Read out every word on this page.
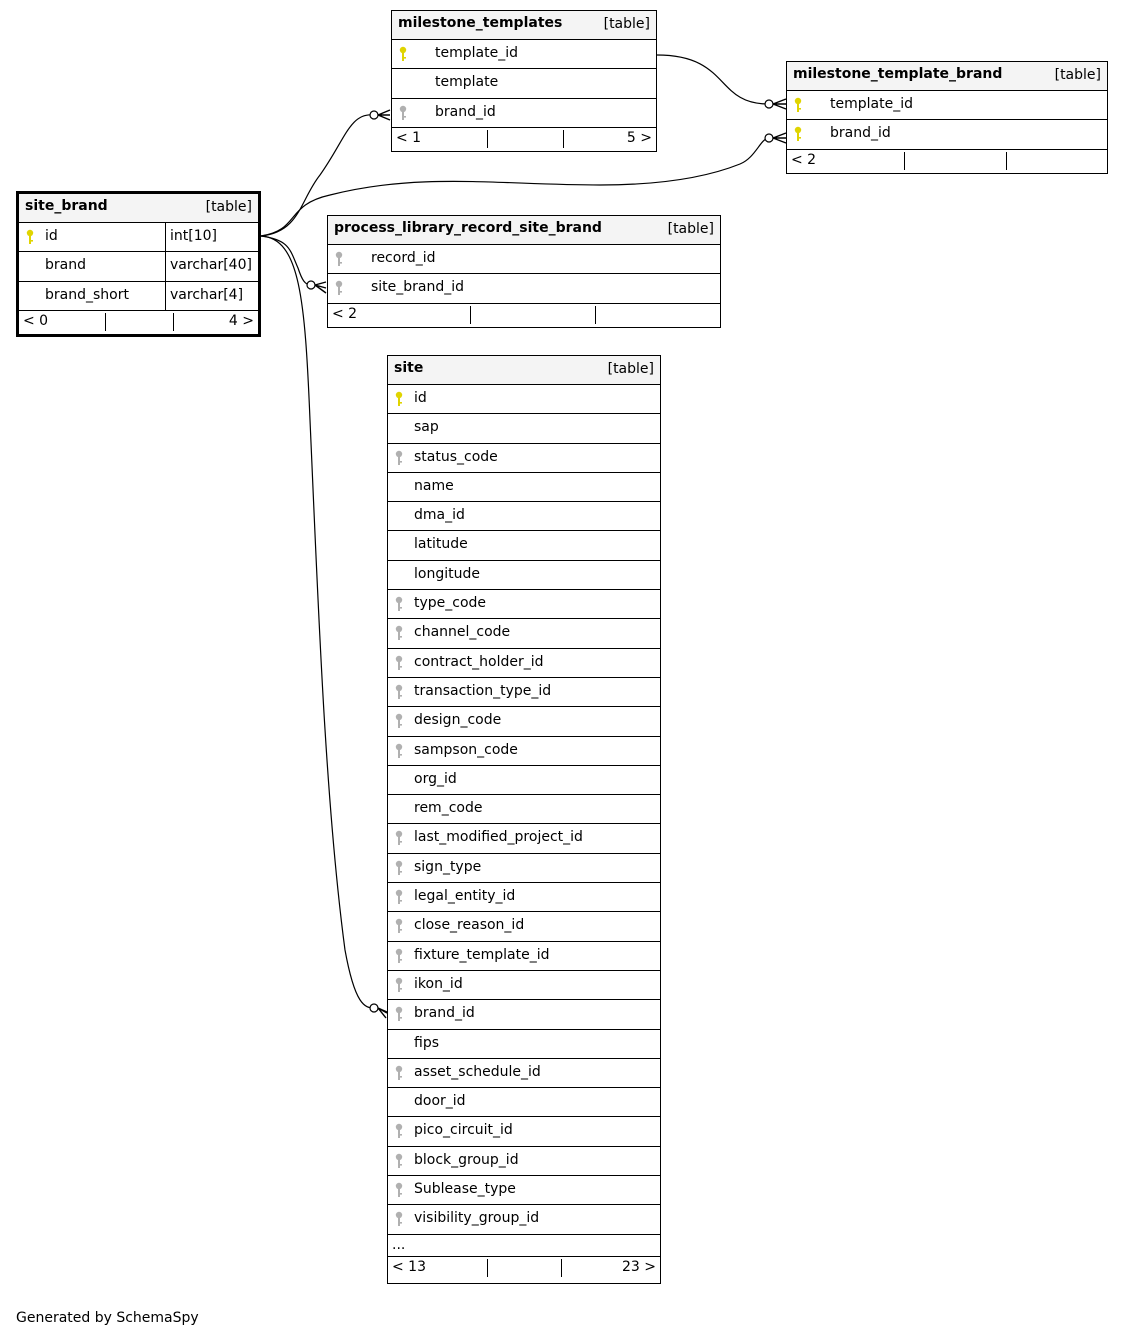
milestone_templates	[table]
template_id
template
brand_id
< 1	5 >
milestone_template_brand	[table]
template_id
brand_id
< 2
site_brand	[table]
id	int[10]
brand	varchar[40]
brand_short	varchar[4]
< 0	4 >
process_library_record_site_brand	[table]
record_id
site_brand_id
< 2
site	[table]
id
sap
status_code
name
dma_id
latitude
longitude
type_code
channel_code
contract_holder_id
transaction_type_id
design_code
sampson_code
org_id
rem_code
last_modified_project_id
sign_type
legal_entity_id
close_reason_id
fixture_template_id
ikon_id
brand_id
fips
asset_schedule_id
door_id
pico_circuit_id
block_group_id
Sublease_type
visibility_group_id
...
< 13	23 >
Generated by SchemaSpy
